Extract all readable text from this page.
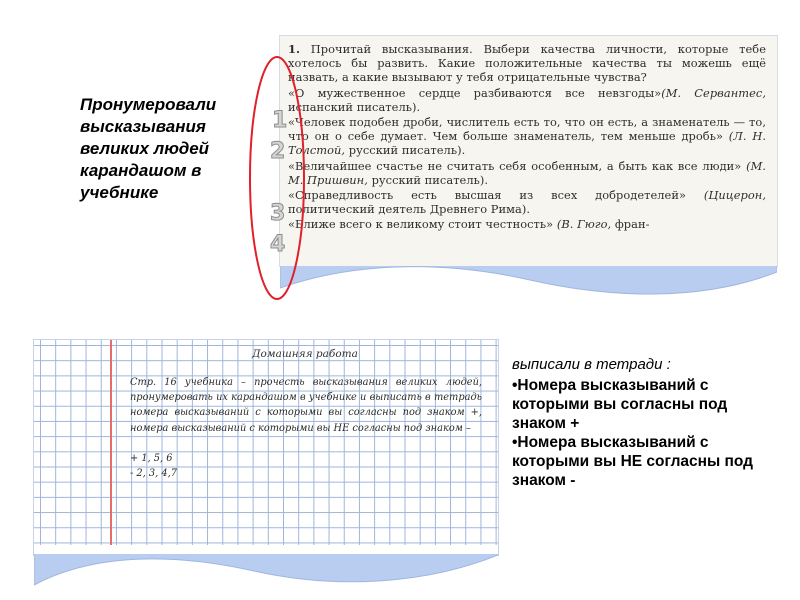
1. Прочитай высказывания. Выбери качества личности, которые тебе хотелось бы развить. Какие положительные качества ты можешь ещё назвать, а какие вызывают у тебя отрицательные чувства?

«О мужественное сердце разбиваются все невзгоды»(М. Сервантес, испанский писатель).

«Человек подобен дроби, числитель есть то, что он есть, а знаменатель — то, что он о себе думает. Чем больше знаменатель, тем меньше дробь» (Л. Н. Толстой, русский писатель).

«Величайшее счастье не считать себя особенным, а быть как все люди» (М. М. Пришвин, русский писатель).

«Справедливость есть высшая из всех добродетелей» (Цицерон, политический деятель Древнего Рима).

«Ближе всего к великому стоит честность» (В. Гюго, фран-

1
2
3
4
Пронумеровали
высказывания
великих людей
карандашом в
учебнике
Домашняя работа

Стр. 16 учебника – прочесть высказывания великих людей, пронумеровать их карандашом в учебнике и выписать в тетрадь номера высказываний с которыми вы согласны под знаком +, номера высказываний с которыми вы НЕ согласны под знаком –

+ 1, 5, 6
- 2, 3, 4,7
выписали в тетради :

•Номера высказываний с которыми вы согласны под знаком +

•Номера высказываний с которыми вы НЕ согласны под знаком -
